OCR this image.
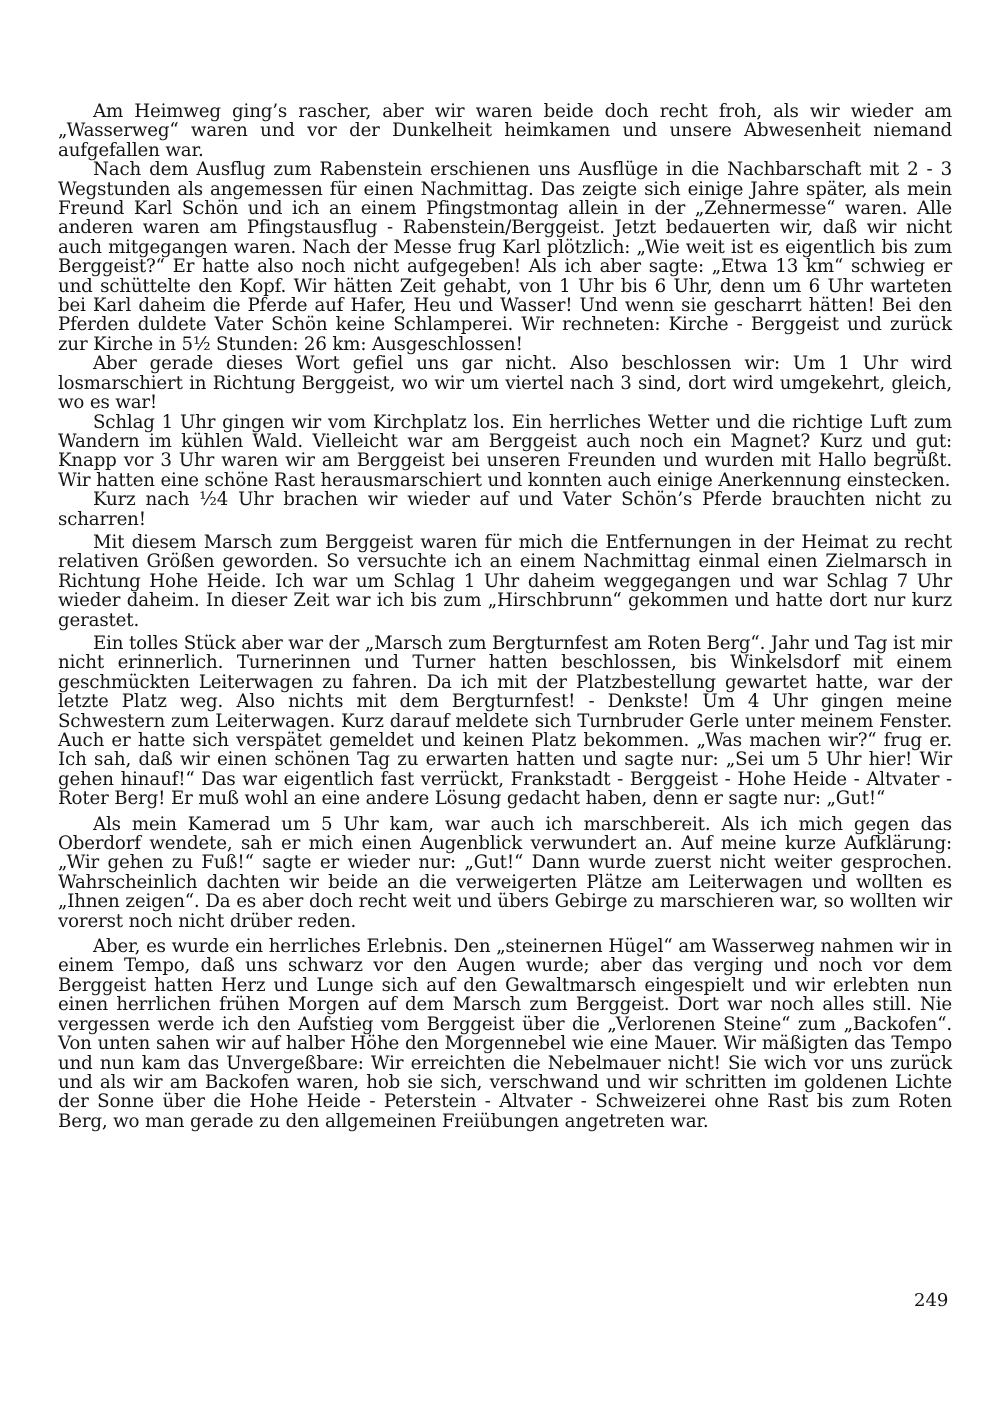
Am Heimweg ging’s rascher, aber wir waren beide doch recht froh, als wir wieder am „Wasserweg“ waren und vor der Dunkelheit heimkamen und unsere Abwesenheit niemand aufgefallen war.

Nach dem Ausflug zum Rabenstein erschienen uns Ausflüge in die Nachbarschaft mit 2 - 3 Wegstunden als angemessen für einen Nachmittag. Das zeigte sich einige Jahre später, als mein Freund Karl Schön und ich an einem Pfingstmontag allein in der „Zehnermesse“ waren. Alle anderen waren am Pfingstausflug - Rabenstein/Berggeist. Jetzt bedauerten wir, daß wir nicht auch mitgegangen waren. Nach der Messe frug Karl plötzlich: „Wie weit ist es eigentlich bis zum Berggeist?“ Er hatte also noch nicht aufgegeben! Als ich aber sagte: „Etwa 13 km“ schwieg er und schüttelte den Kopf. Wir hätten Zeit gehabt, von 1 Uhr bis 6 Uhr, denn um 6 Uhr warteten bei Karl daheim die Pferde auf Hafer, Heu und Wasser! Und wenn sie gescharrt hätten! Bei den Pferden duldete Vater Schön keine Schlamperei. Wir rechneten: Kirche - Berggeist und zurück zur Kirche in 5½ Stunden: 26 km: Ausgeschlossen!

Aber gerade dieses Wort gefiel uns gar nicht. Also beschlossen wir: Um 1 Uhr wird losmarschiert in Richtung Berggeist, wo wir um viertel nach 3 sind, dort wird umgekehrt, gleich, wo es war!

Schlag 1 Uhr gingen wir vom Kirchplatz los. Ein herrliches Wetter und die richtige Luft zum Wandern im kühlen Wald. Vielleicht war am Berggeist auch noch ein Magnet? Kurz und gut: Knapp vor 3 Uhr waren wir am Berggeist bei unseren Freunden und wurden mit Hallo begrüßt. Wir hatten eine schöne Rast herausmarschiert und konnten auch einige Anerkennung einstecken.

Kurz nach ½4 Uhr brachen wir wieder auf und Vater Schön’s Pferde brauchten nicht zu scharren!

Mit diesem Marsch zum Berggeist waren für mich die Entfernungen in der Heimat zu recht relativen Größen geworden. So versuchte ich an einem Nachmittag einmal einen Zielmarsch in Richtung Hohe Heide. Ich war um Schlag 1 Uhr daheim weggegangen und war Schlag 7 Uhr wieder daheim. In dieser Zeit war ich bis zum „Hirschbrunn“ gekommen und hatte dort nur kurz gerastet.

Ein tolles Stück aber war der „Marsch zum Bergturnfest am Roten Berg“. Jahr und Tag ist mir nicht erinnerlich. Turnerinnen und Turner hatten beschlossen, bis Winkelsdorf mit einem geschmückten Leiterwagen zu fahren. Da ich mit der Platzbestellung gewartet hatte, war der letzte Platz weg. Also nichts mit dem Bergturnfest! - Denkste! Um 4 Uhr gingen meine Schwestern zum Leiterwagen. Kurz darauf meldete sich Turnbruder Gerle unter meinem Fenster. Auch er hatte sich verspätet gemeldet und keinen Platz bekommen. „Was machen wir?“ frug er. Ich sah, daß wir einen schönen Tag zu erwarten hatten und sagte nur: „Sei um 5 Uhr hier! Wir gehen hinauf!“ Das war eigentlich fast verrückt, Frankstadt - Berggeist - Hohe Heide - Altvater - Roter Berg! Er muß wohl an eine andere Lösung gedacht haben, denn er sagte nur: „Gut!“

Als mein Kamerad um 5 Uhr kam, war auch ich marschbereit. Als ich mich gegen das Oberdorf wendete, sah er mich einen Augenblick verwundert an. Auf meine kurze Aufklärung: „Wir gehen zu Fuß!“ sagte er wieder nur: „Gut!“ Dann wurde zuerst nicht weiter gesprochen. Wahrscheinlich dachten wir beide an die verweigerten Plätze am Leiterwagen und wollten es „Ihnen zeigen“. Da es aber doch recht weit und übers Gebirge zu marschieren war, so wollten wir vorerst noch nicht drüber reden.

Aber, es wurde ein herrliches Erlebnis. Den „steinernen Hügel“ am Wasserweg nahmen wir in einem Tempo, daß uns schwarz vor den Augen wurde; aber das verging und noch vor dem Berggeist hatten Herz und Lunge sich auf den Gewaltmarsch eingespielt und wir erlebten nun einen herrlichen frühen Morgen auf dem Marsch zum Berggeist. Dort war noch alles still. Nie vergessen werde ich den Aufstieg vom Berggeist über die „Verlorenen Steine“ zum „Backofen“. Von unten sahen wir auf halber Höhe den Morgennebel wie eine Mauer. Wir mäßigten das Tempo und nun kam das Unvergeßbare: Wir erreichten die Nebelmauer nicht! Sie wich vor uns zurück und als wir am Backofen waren, hob sie sich, verschwand und wir schritten im goldenen Lichte der Sonne über die Hohe Heide - Peterstein - Altvater - Schweizerei ohne Rast bis zum Roten Berg, wo man gerade zu den allgemeinen Freiübungen angetreten war.

249
